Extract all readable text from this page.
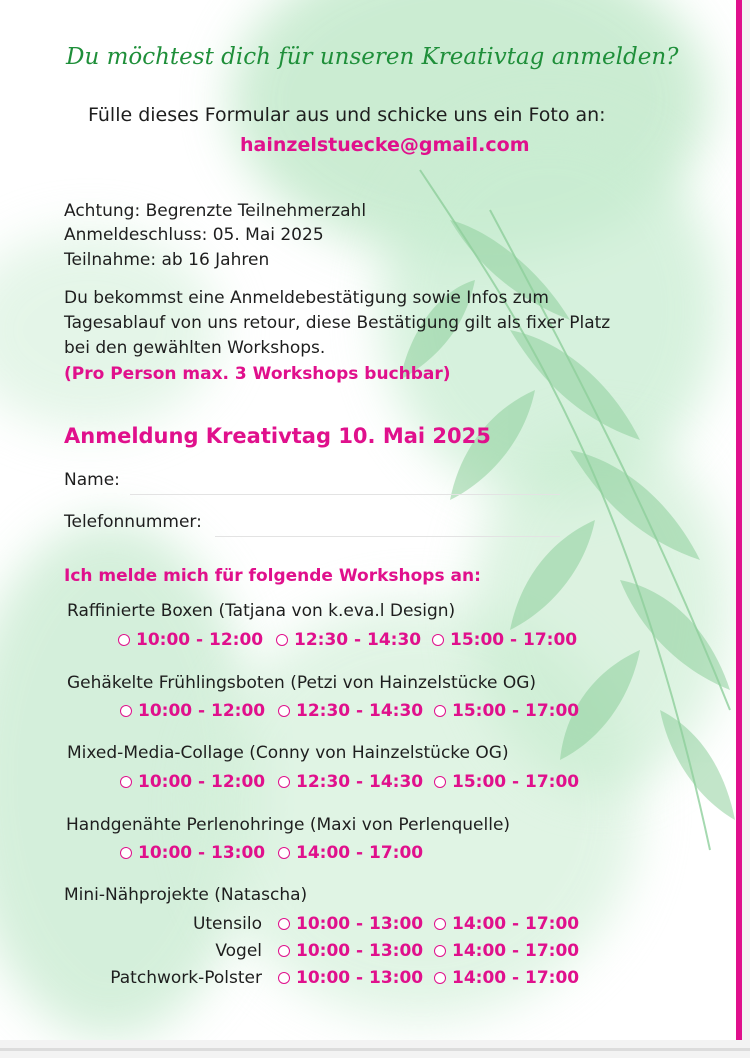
Du möchtest dich für unseren Kreativtag anmelden?
Fülle dieses Formular aus und schicke uns ein Foto an:
hainzelstuecke@gmail.com
Achtung: Begrenzte Teilnehmerzahl
Anmeldeschluss: 05. Mai 2025
Teilnahme: ab 16 Jahren
Du bekommst eine Anmeldebestätigung sowie Infos zum
Tagesablauf von uns retour, diese Bestätigung gilt als fixer Platz
bei den gewählten Workshops.
(Pro Person max. 3 Workshops buchbar)
Anmeldung Kreativtag 10. Mai 2025
Name:
Telefonnummer:
Ich melde mich für folgende Workshops an:
Raffinierte Boxen (Tatjana von k.eva.l Design)
10:00 - 12:00 12:30 - 14:30 15:00 - 17:00
Gehäkelte Frühlingsboten (Petzi von Hainzelstücke OG)
10:00 - 12:00 12:30 - 14:30 15:00 - 17:00
Mixed-Media-Collage (Conny von Hainzelstücke OG)
10:00 - 12:00 12:30 - 14:30 15:00 - 17:00
Handgenähte Perlenohringe (Maxi von Perlenquelle)
10:00 - 13:00 14:00 - 17:00
Mini-Nähprojekte (Natascha)
Utensilo 10:00 - 13:00 14:00 - 17:00
Vogel 10:00 - 13:00 14:00 - 17:00
Patchwork-Polster 10:00 - 13:00 14:00 - 17:00
